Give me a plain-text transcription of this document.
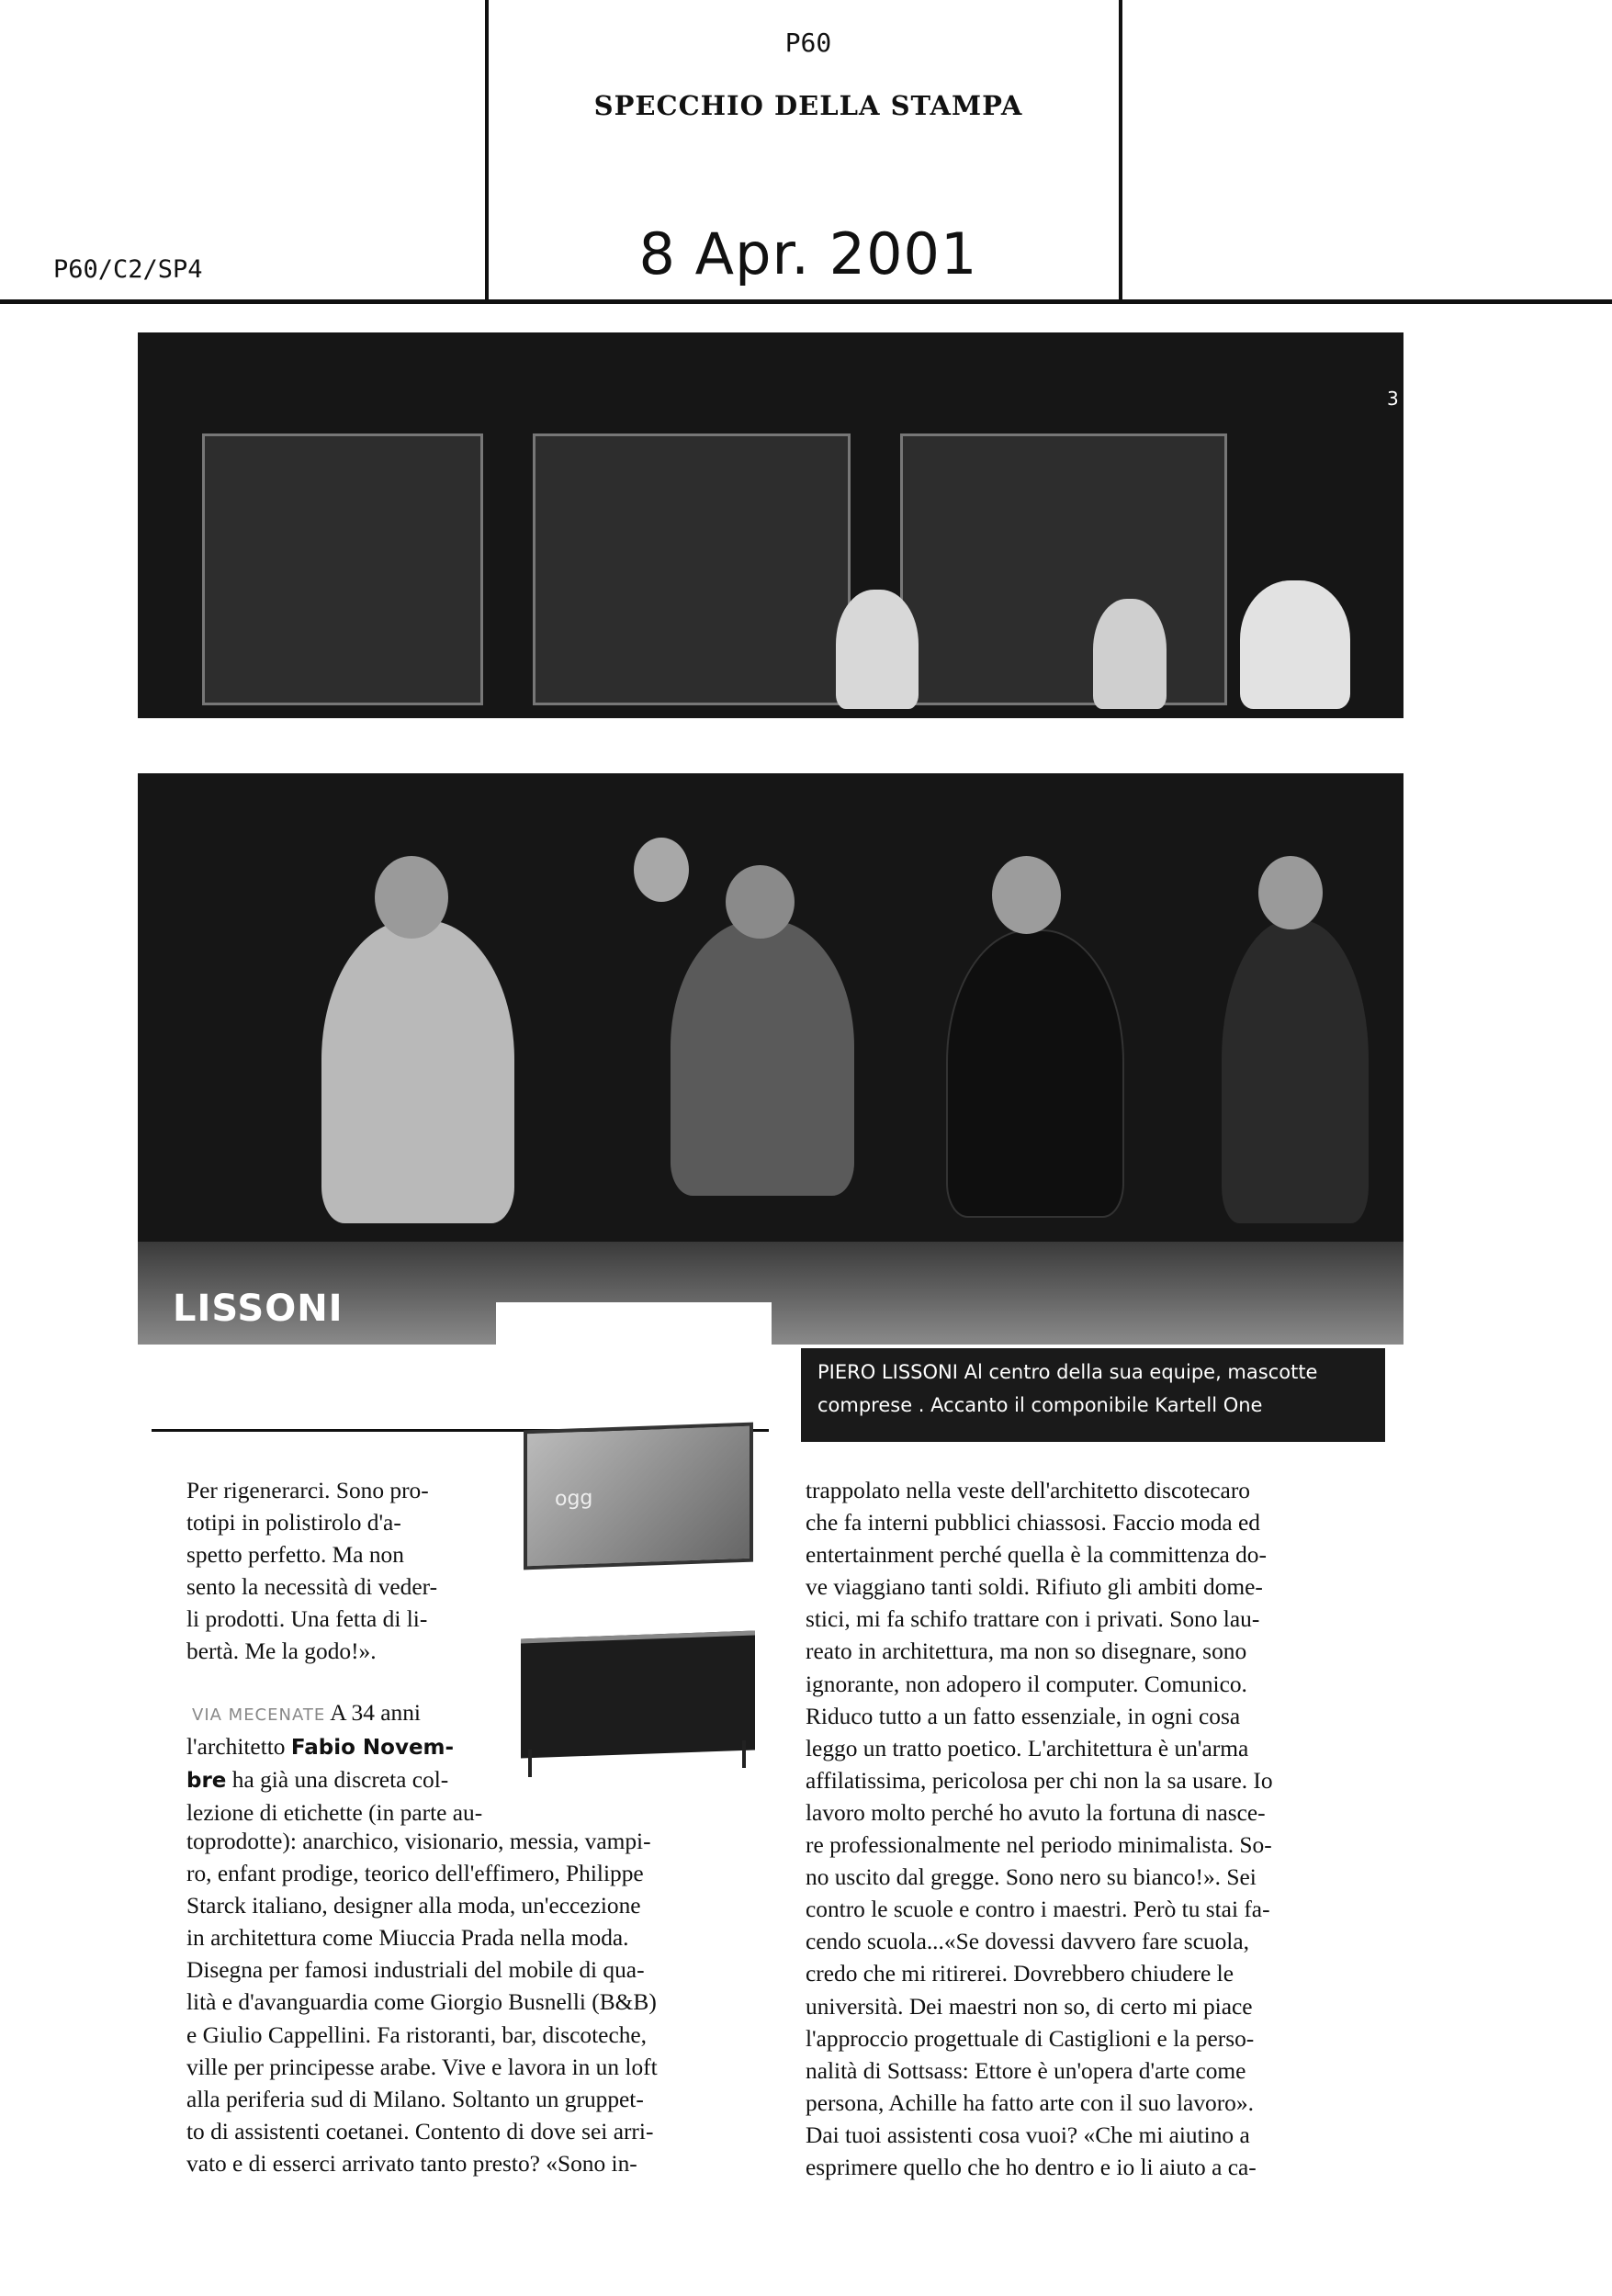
P60
SPECCHIO DELLA STAMPA
8 Apr. 2001
P60/C2/SP4
LISSONI
3
PIERO LISSONI Al centro della sua equipe, mascotte comprese . Accanto il componibile Kartell One
ogg
Per rigenerarci. Sono pro-
totipi in polistirolo d'a-
spetto perfetto. Ma non
sento la necessità di veder-
li prodotti. Una fetta di li-
bertà. Me la godo!».
VIA MECENATE A 34 anni
l'architetto Fabio Novem-
bre ha già una discreta col-
lezione di etichette (in parte au-
toprodotte): anarchico, visionario, messia, vampi-
ro, enfant prodige, teorico dell'effimero, Philippe
Starck italiano, designer alla moda, un'eccezione
in architettura come Miuccia Prada nella moda.
Disegna per famosi industriali del mobile di qua-
lità e d'avanguardia come Giorgio Busnelli (B&B)
e Giulio Cappellini. Fa ristoranti, bar, discoteche,
ville per principesse arabe. Vive e lavora in un loft
alla periferia sud di Milano. Soltanto un gruppet-
to di assistenti coetanei. Contento di dove sei arri-
vato e di esserci arrivato tanto presto? «Sono in-
trappolato nella veste dell'architetto discotecaro
che fa interni pubblici chiassosi. Faccio moda ed
entertainment perché quella è la committenza do-
ve viaggiano tanti soldi. Rifiuto gli ambiti dome-
stici, mi fa schifo trattare con i privati. Sono lau-
reato in architettura, ma non so disegnare, sono
ignorante, non adopero il computer. Comunico.
Riduco tutto a un fatto essenziale, in ogni cosa
leggo un tratto poetico. L'architettura è un'arma
affilatissima, pericolosa per chi non la sa usare. Io
lavoro molto perché ho avuto la fortuna di nasce-
re professionalmente nel periodo minimalista. So-
no uscito dal gregge. Sono nero su bianco!». Sei
contro le scuole e contro i maestri. Però tu stai fa-
cendo scuola...«Se dovessi davvero fare scuola,
credo che mi ritirerei. Dovrebbero chiudere le
università. Dei maestri non so, di certo mi piace
l'approccio progettuale di Castiglioni e la perso-
nalità di Sottsass: Ettore è un'opera d'arte come
persona, Achille ha fatto arte con il suo lavoro».
Dai tuoi assistenti cosa vuoi? «Che mi aiutino a
esprimere quello che ho dentro e io li aiuto a ca-
